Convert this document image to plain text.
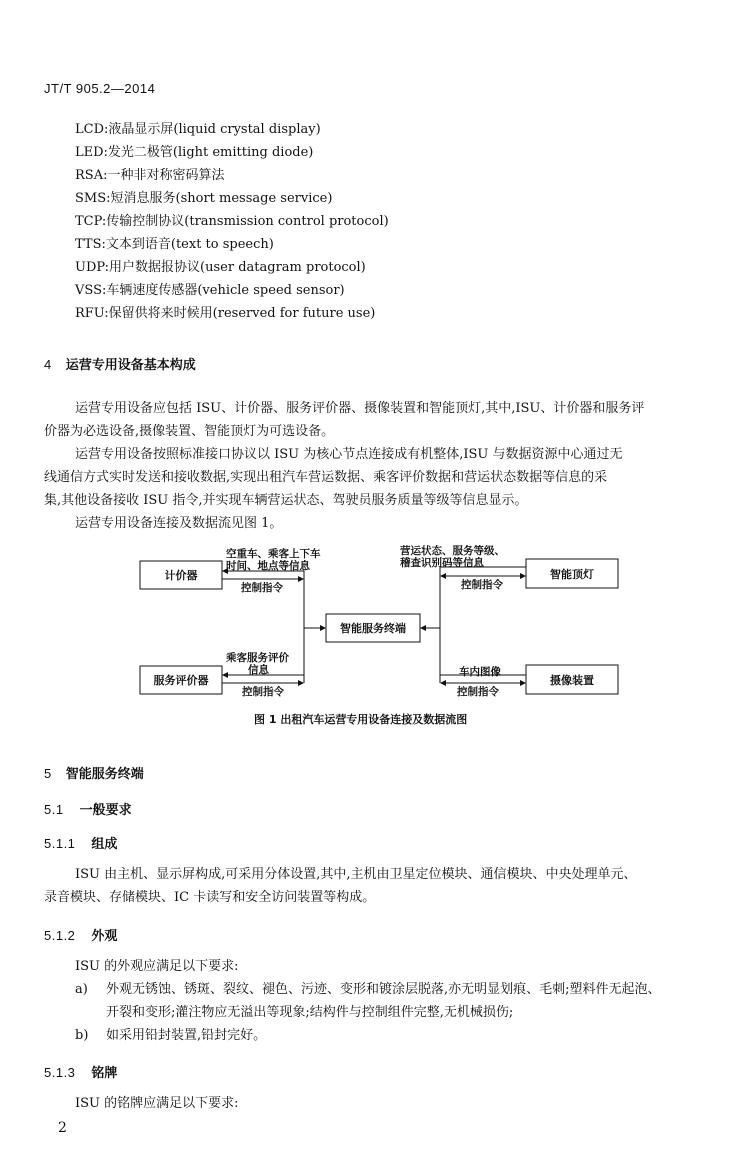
JT/T 905.2—2014
LCD:液晶显示屏(liquid crystal display)
LED:发光二极管(light emitting diode)
RSA:一种非对称密码算法
SMS:短消息服务(short message service)
TCP:传输控制协议(transmission control protocol)
TTS:文本到语音(text to speech)
UDP:用户数据报协议(user datagram protocol)
VSS:车辆速度传感器(vehicle speed sensor)
RFU:保留供将来时候用(reserved for future use)
4 运营专用设备基本构成
运营专用设备应包括 ISU、计价器、服务评价器、摄像装置和智能顶灯,其中,ISU、计价器和服务评
价器为必选设备,摄像装置、智能顶灯为可选设备。
运营专用设备按照标准接口协议以 ISU 为核心节点连接成有机整体,ISU 与数据资源中心通过无
线通信方式实时发送和接收数据,实现出租汽车营运数据、乘客评价数据和营运状态数据等信息的采
集,其他设备接收 ISU 指令,并实现车辆营运状态、驾驶员服务质量等级等信息显示。
运营专用设备连接及数据流见图 1。
计价器
服务评价器
智能服务终端
智能顶灯
摄像装置
空重车、乘客上下车
时间、地点等信息
控制指令
乘客服务评价
信息
控制指令
营运状态、服务等级、
稽查识别码等信息
控制指令
车内图像
控制指令
图 1 出租汽车运营专用设备连接及数据流图
5 智能服务终端
5.1 一般要求
5.1.1 组成
ISU 由主机、显示屏构成,可采用分体设置,其中,主机由卫星定位模块、通信模块、中央处理单元、
录音模块、存储模块、IC 卡读写和安全访问装置等构成。
5.1.2 外观
ISU 的外观应满足以下要求:
a) 外观无锈蚀、锈斑、裂纹、褪色、污迹、变形和镀涂层脱落,亦无明显划痕、毛刺;塑料件无起泡、
开裂和变形;灌注物应无溢出等现象;结构件与控制组件完整,无机械损伤;
b) 如采用铅封装置,铅封完好。
5.1.3 铭牌
ISU 的铭牌应满足以下要求:
2
